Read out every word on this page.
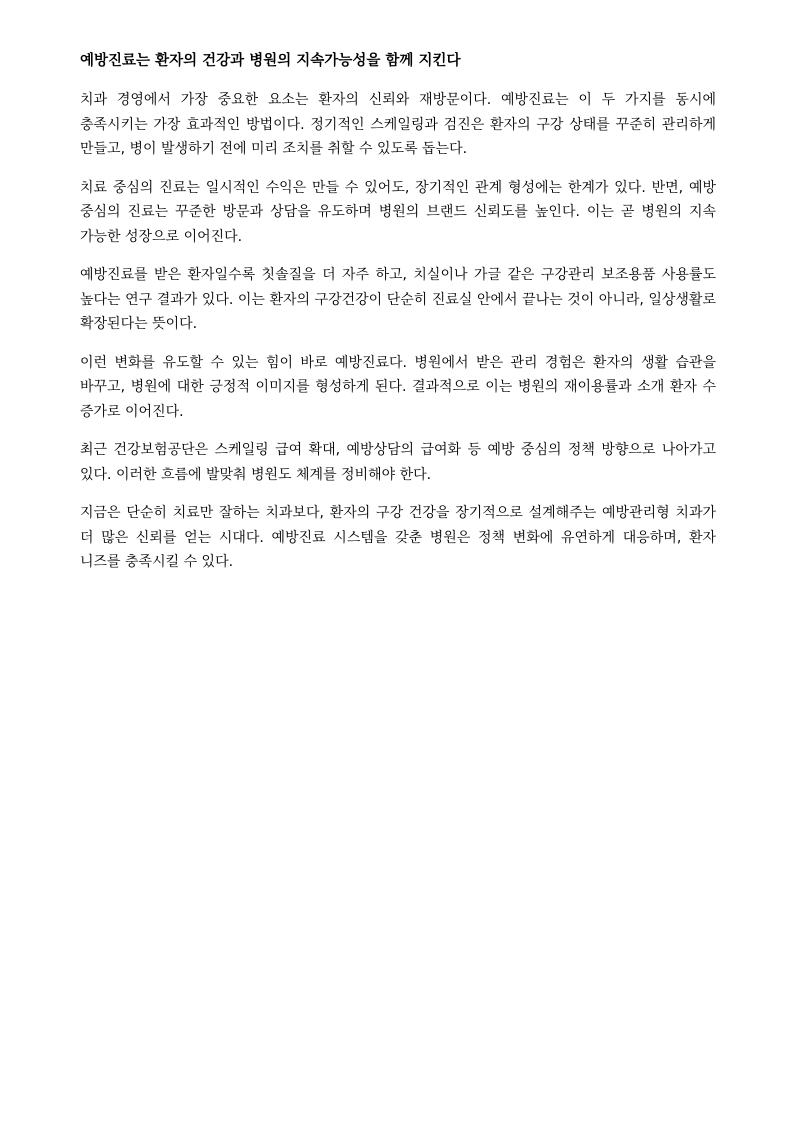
예방진료는 환자의 건강과 병원의 지속가능성을 함께 지킨다

치과 경영에서 가장 중요한 요소는 환자의 신뢰와 재방문이다. 예방진료는 이 두 가지를 동시에 충족시키는 가장 효과적인 방법이다. 정기적인 스케일링과 검진은 환자의 구강 상태를 꾸준히 관리하게 만들고, 병이 발생하기 전에 미리 조치를 취할 수 있도록 돕는다.

치료 중심의 진료는 일시적인 수익은 만들 수 있어도, 장기적인 관계 형성에는 한계가 있다. 반면, 예방 중심의 진료는 꾸준한 방문과 상담을 유도하며 병원의 브랜드 신뢰도를 높인다. 이는 곧 병원의 지속 가능한 성장으로 이어진다.

예방진료를 받은 환자일수록 칫솔질을 더 자주 하고, 치실이나 가글 같은 구강관리 보조용품 사용률도 높다는 연구 결과가 있다. 이는 환자의 구강건강이 단순히 진료실 안에서 끝나는 것이 아니라, 일상생활로 확장된다는 뜻이다.

이런 변화를 유도할 수 있는 힘이 바로 예방진료다. 병원에서 받은 관리 경험은 환자의 생활 습관을 바꾸고, 병원에 대한 긍정적 이미지를 형성하게 된다. 결과적으로 이는 병원의 재이용률과 소개 환자 수 증가로 이어진다.

최근 건강보험공단은 스케일링 급여 확대, 예방상담의 급여화 등 예방 중심의 정책 방향으로 나아가고 있다. 이러한 흐름에 발맞춰 병원도 체계를 정비해야 한다.

지금은 단순히 치료만 잘하는 치과보다, 환자의 구강 건강을 장기적으로 설계해주는 예방관리형 치과가 더 많은 신뢰를 얻는 시대다. 예방진료 시스템을 갖춘 병원은 정책 변화에 유연하게 대응하며, 환자 니즈를 충족시킬 수 있다.
